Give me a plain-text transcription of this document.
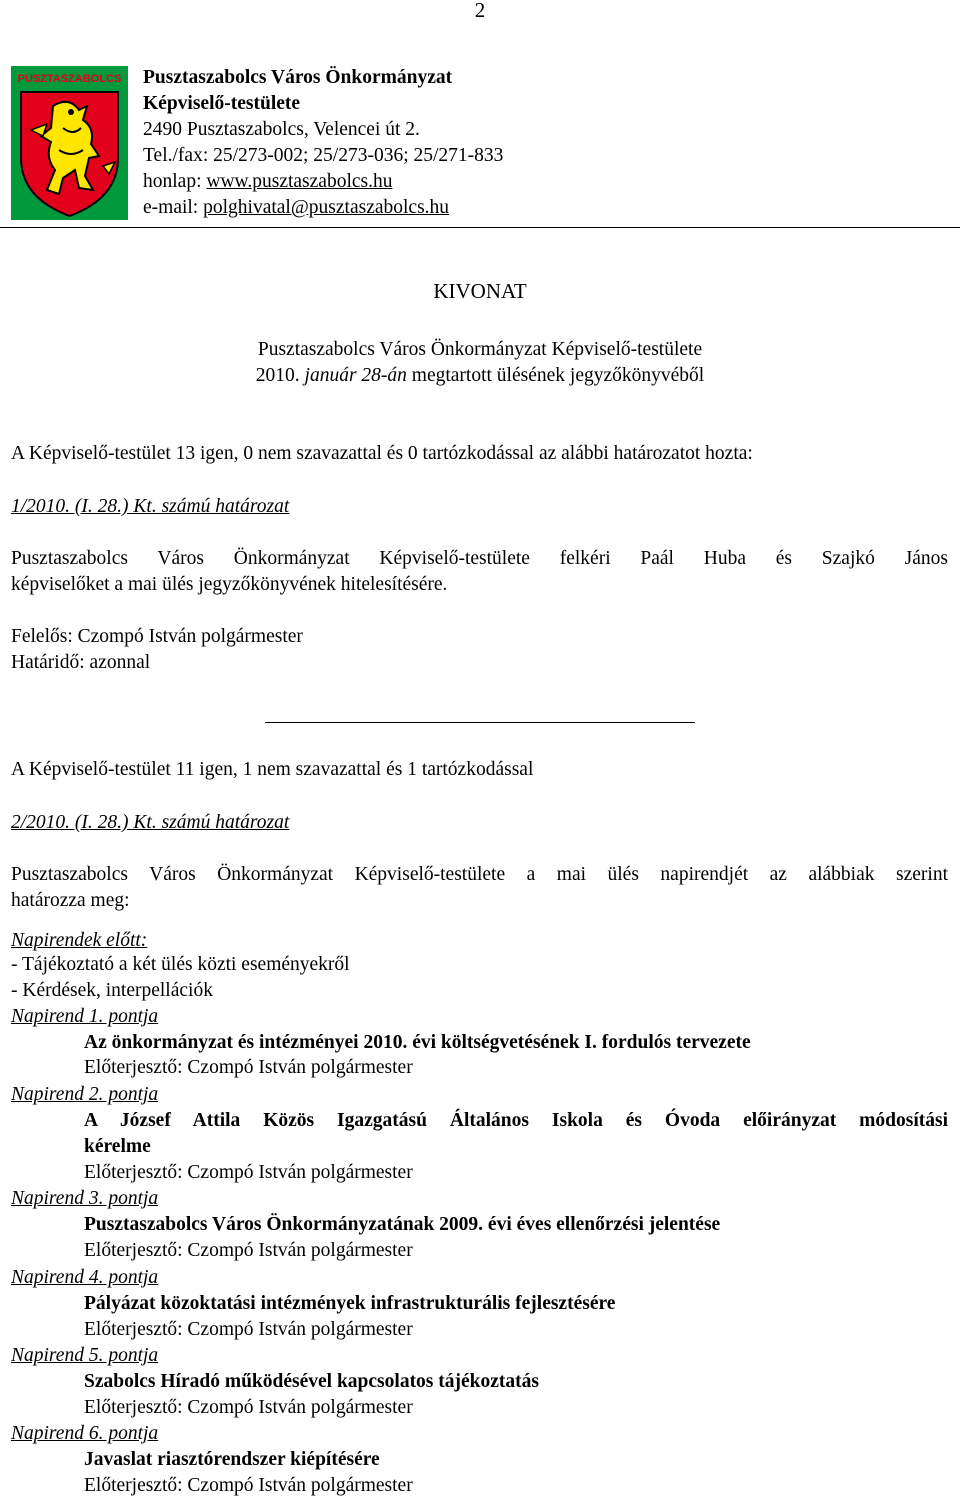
2
PUSZTASZABOLCS Pusztaszabolcs Város Önkormányzat
Képviselő-testülete
2490 Pusztaszabolcs, Velencei út 2.
Tel./fax: 25/273-002; 25/273-036; 25/271-833
honlap: www.pusztaszabolcs.hu
e-mail: polghivatal@pusztaszabolcs.hu
KIVONAT
Pusztaszabolcs Város Önkormányzat Képviselő-testülete
2010. január 28-án megtartott ülésének jegyzőkönyvéből
A Képviselő-testület 13 igen, 0 nem szavazattal és 0 tartózkodással az alábbi határozatot hozta:
1/2010. (I. 28.) Kt. számú határozat
Pusztaszabolcs Város Önkormányzat Képviselő-testülete felkéri Paál Huba és Szajkó János
képviselőket a mai ülés jegyzőkönyvének hitelesítésére.
Felelős: Czompó István polgármester
Határidő: azonnal
A Képviselő-testület 11 igen, 1 nem szavazattal és 1 tartózkodással
2/2010. (I. 28.) Kt. számú határozat
Pusztaszabolcs Város Önkormányzat Képviselő-testülete a mai ülés napirendjét az alábbiak szerint
határozza meg:
Napirendek előtt:
- Tájékoztató a két ülés közti eseményekről
- Kérdések, interpellációk
Napirend 1. pontja
Az önkormányzat és intézményei 2010. évi költségvetésének I. fordulós tervezete
Előterjesztő: Czompó István polgármester
Napirend 2. pontja
A József Attila Közös Igazgatású Általános Iskola és Óvoda előirányzat módosítási
kérelme
Előterjesztő: Czompó István polgármester
Napirend 3. pontja
Pusztaszabolcs Város Önkormányzatának 2009. évi éves ellenőrzési jelentése
Előterjesztő: Czompó István polgármester
Napirend 4. pontja
Pályázat közoktatási intézmények infrastrukturális fejlesztésére
Előterjesztő: Czompó István polgármester
Napirend 5. pontja
Szabolcs Híradó működésével kapcsolatos tájékoztatás
Előterjesztő: Czompó István polgármester
Napirend 6. pontja
Javaslat riasztórendszer kiépítésére
Előterjesztő: Czompó István polgármester
